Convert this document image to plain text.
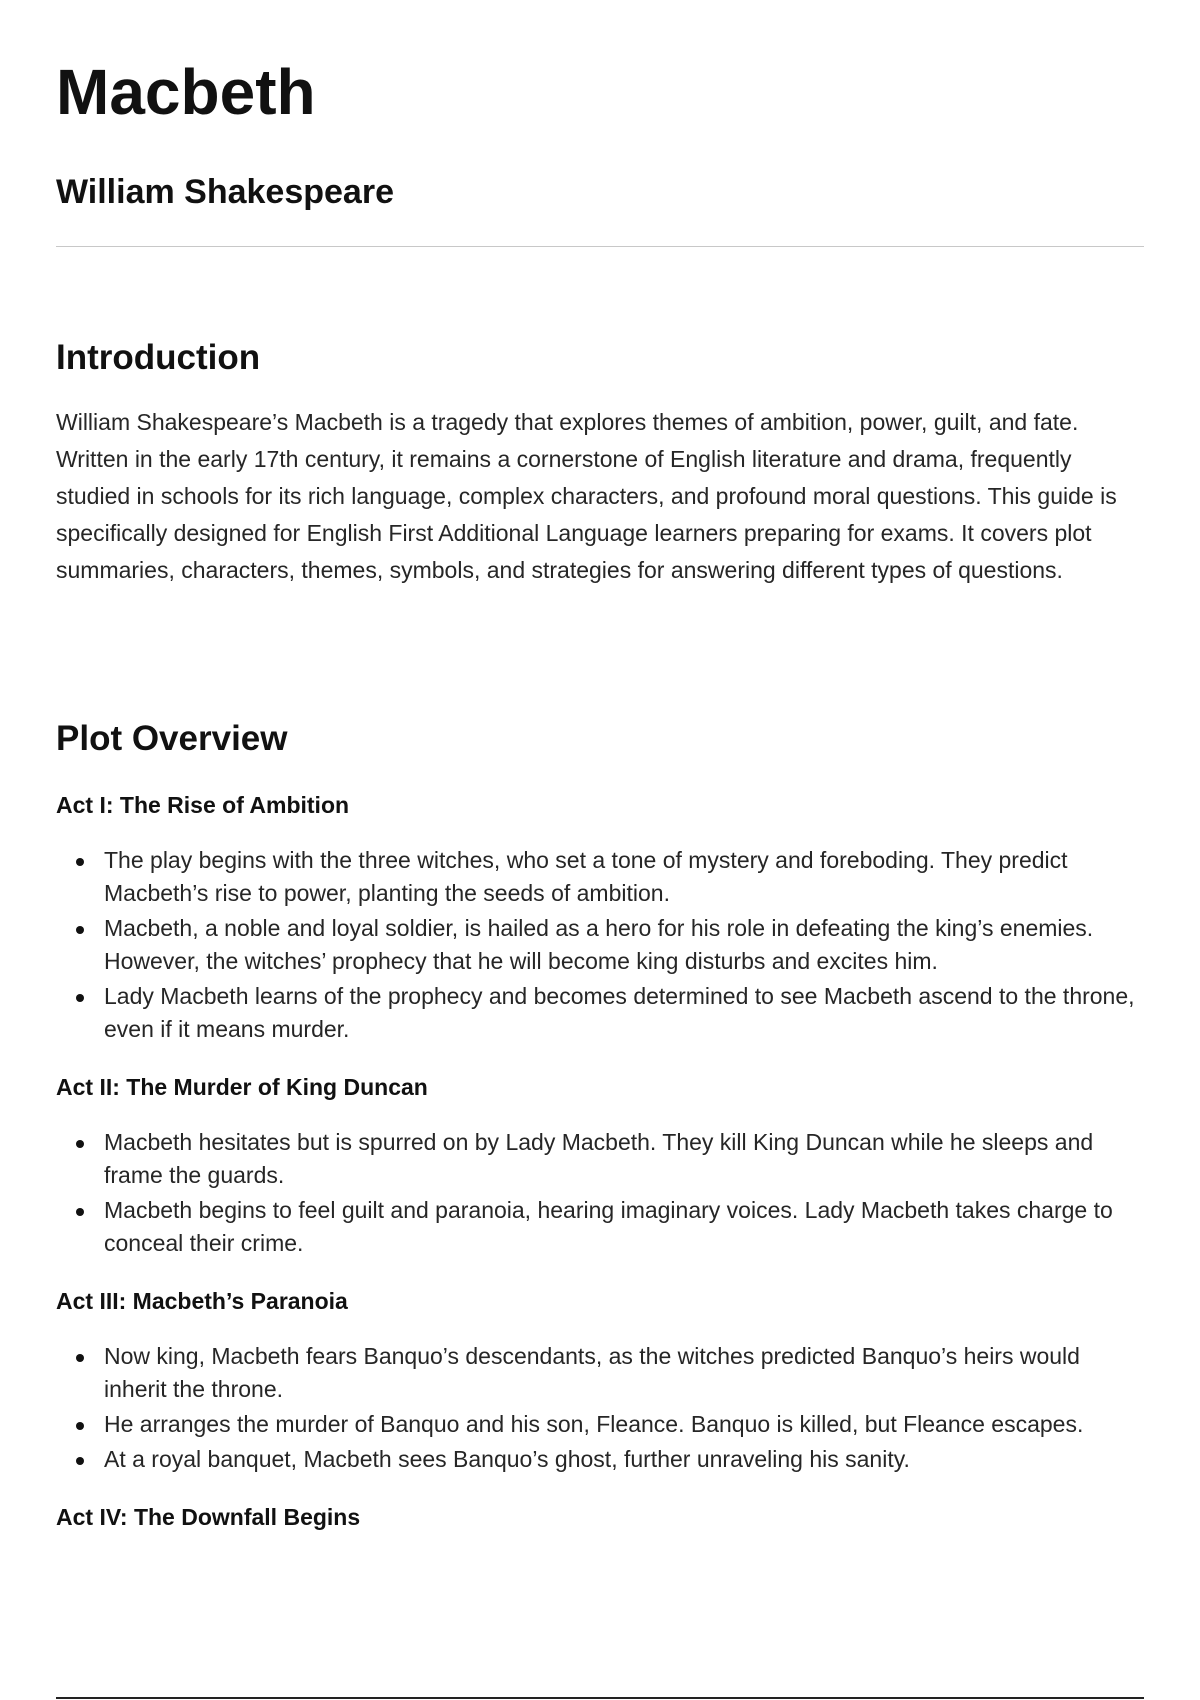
Macbeth
William Shakespeare
Introduction

William Shakespeare’s Macbeth is a tragedy that explores themes of ambition, power, guilt, and fate. Written in the early 17th century, it remains a cornerstone of English literature and drama, frequently studied in schools for its rich language, complex characters, and profound moral questions. This guide is specifically designed for English First Additional Language learners preparing for exams. It covers plot summaries, characters, themes, symbols, and strategies for answering different types of questions.

Plot Overview
Act I: The Rise of Ambition
The play begins with the three witches, who set a tone of mystery and foreboding. They predict Macbeth’s rise to power, planting the seeds of ambition.
Macbeth, a noble and loyal soldier, is hailed as a hero for his role in defeating the king’s enemies. However, the witches’ prophecy that he will become king disturbs and excites him.
Lady Macbeth learns of the prophecy and becomes determined to see Macbeth ascend to the throne, even if it means murder.
Act II: The Murder of King Duncan
Macbeth hesitates but is spurred on by Lady Macbeth. They kill King Duncan while he sleeps and frame the guards.
Macbeth begins to feel guilt and paranoia, hearing imaginary voices. Lady Macbeth takes charge to conceal their crime.
Act III: Macbeth’s Paranoia
Now king, Macbeth fears Banquo’s descendants, as the witches predicted Banquo’s heirs would inherit the throne.
He arranges the murder of Banquo and his son, Fleance. Banquo is killed, but Fleance escapes.
At a royal banquet, Macbeth sees Banquo’s ghost, further unraveling his sanity.
Act IV: The Downfall Begins
